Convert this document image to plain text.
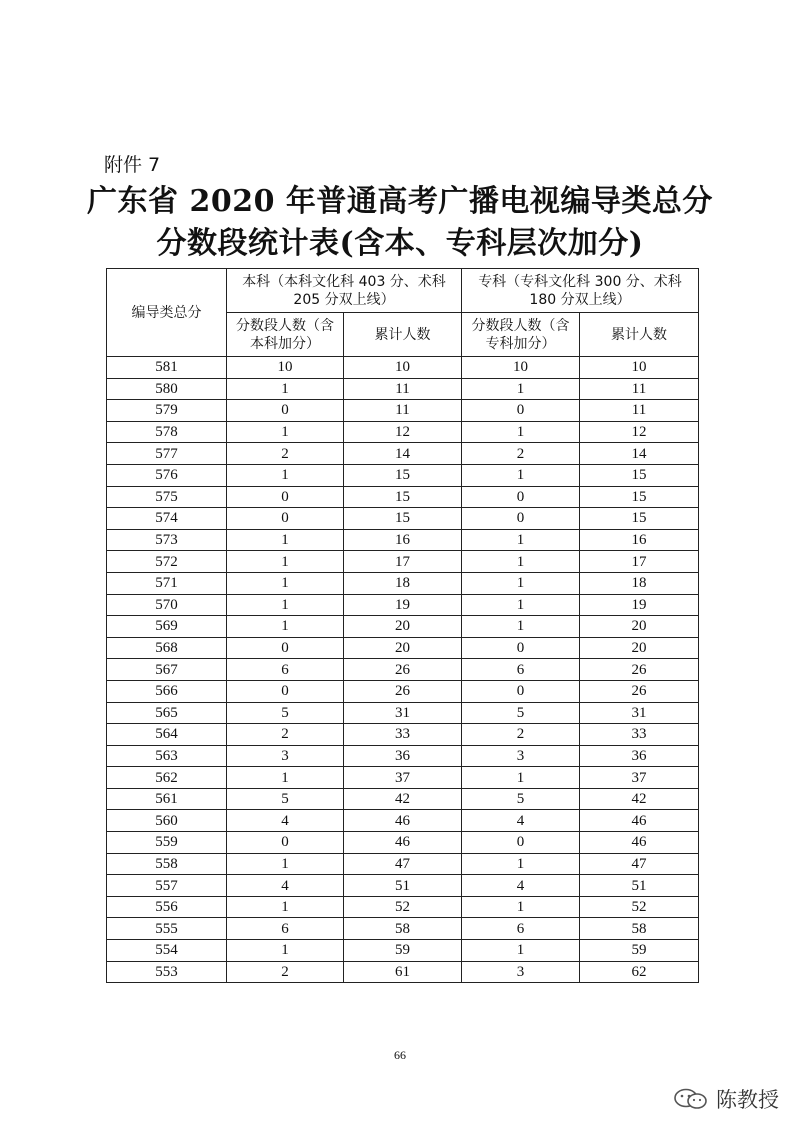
附件 7
广东省 2020 年普通高考广播电视编导类总分
分数段统计表(含本、专科层次加分)
编导类总分	本科（本科文化科 403 分、术科 205 分双上线）		专科（专科文化科 300 分、术科 180 分双上线）	
	分数段人数（含本科加分）	累计人数	分数段人数（含专科加分）	累计人数
581	10	10	10	10
580	1	11	1	11
579	0	11	0	11
578	1	12	1	12
577	2	14	2	14
576	1	15	1	15
575	0	15	0	15
574	0	15	0	15
573	1	16	1	16
572	1	17	1	17
571	1	18	1	18
570	1	19	1	19
569	1	20	1	20
568	0	20	0	20
567	6	26	6	26
566	0	26	0	26
565	5	31	5	31
564	2	33	2	33
563	3	36	3	36
562	1	37	1	37
561	5	42	5	42
560	4	46	4	46
559	0	46	0	46
558	1	47	1	47
557	4	51	4	51
556	1	52	1	52
555	6	58	6	58
554	1	59	1	59
553	2	61	3	62
66
陈教授
